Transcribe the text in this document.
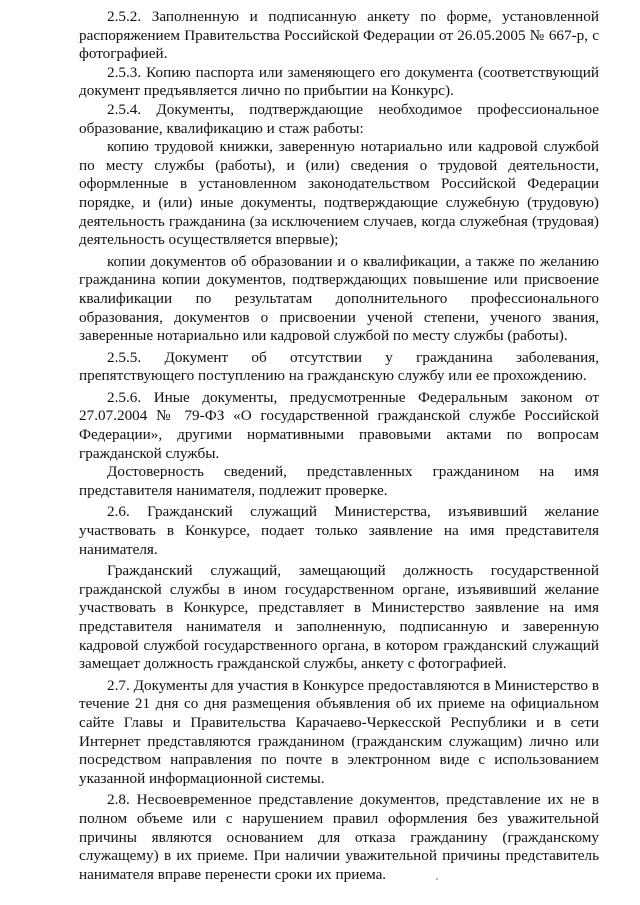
2.5.2. Заполненную и подписанную анкету по форме, установленной распоряжением Правительства Российской Федерации от 26.05.2005 № 667-р, с фотографией.

2.5.3. Копию паспорта или заменяющего его документа (соответствующий документ предъявляется лично по прибытии на Конкурс).

2.5.4. Документы, подтверждающие необходимое профессиональное образование, квалификацию и стаж работы:

копию трудовой книжки, заверенную нотариально или кадровой службой по месту службы (работы), и (или) сведения о трудовой деятельности, оформленные в установленном законодательством Российской Федерации порядке, и (или) иные документы, подтверждающие служебную (трудовую) деятельность гражданина (за исключением случаев, когда служебная (трудовая) деятельность осуществляется впервые);

копии документов об образовании и о квалификации, а также по желанию гражданина копии документов, подтверждающих повышение или присвоение квалификации по результатам дополнительного профессионального образования, документов о присвоении ученой степени, ученого звания, заверенные нотариально или кадровой службой по месту службы (работы).

2.5.5. Документ об отсутствии у гражданина заболевания, препятствующего поступлению на гражданскую службу или ее прохождению.

2.5.6. Иные документы, предусмотренные Федеральным законом от 27.07.2004 № 79-ФЗ «О государственной гражданской службе Российской Федерации», другими нормативными правовыми актами по вопросам гражданской службы.

Достоверность сведений, представленных гражданином на имя представителя нанимателя, подлежит проверке.

2.6. Гражданский служащий Министерства, изъявивший желание участвовать в Конкурсе, подает только заявление на имя представителя нанимателя.

Гражданский служащий, замещающий должность государственной гражданской службы в ином государственном органе, изъявивший желание участвовать в Конкурсе, представляет в Министерство заявление на имя представителя нанимателя и заполненную, подписанную и заверенную кадровой службой государственного органа, в котором гражданский служащий замещает должность гражданской службы, анкету с фотографией.

2.7. Документы для участия в Конкурсе предоставляются в Министерство в течение 21 дня со дня размещения объявления об их приеме на официальном сайте Главы и Правительства Карачаево-Черкесской Республики и в сети Интернет представляются гражданином (гражданским служащим) лично или посредством направления по почте в электронном виде с использованием указанной информационной системы.

2.8. Несвоевременное представление документов, представление их не в полном объеме или с нарушением правил оформления без уважительной причины являются основанием для отказа гражданину (гражданскому служащему) в их приеме. При наличии уважительной причины представитель нанимателя вправе перенести сроки их приема.
